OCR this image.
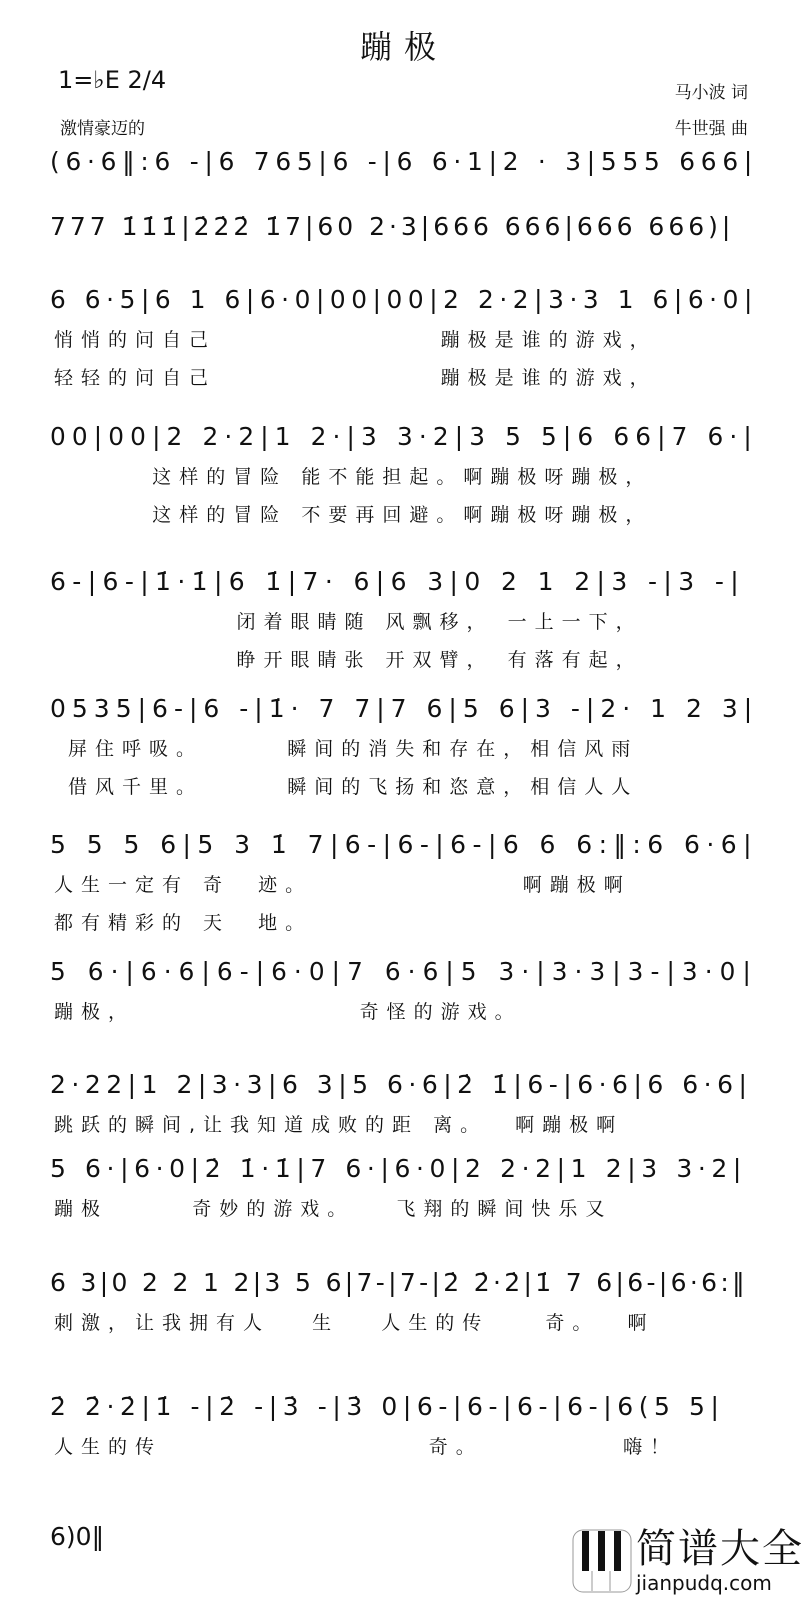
蹦极
1=♭E 2/4
激情豪迈的
马小波 词
牛世强 曲
(6·6‖:6 -|6 765|6 -|6 6·1|2 · 3|555 666|
777 1̇1̇1̇|2̇2̇2̇ 1̇7|60 2·3|666 666|666 666)|
6 6·5|6 1 6|6·0|00|00|2 2·2|3·3 1 6|6·0|
悄悄的问自己                蹦极是谁的游戏，
轻轻的问自己                蹦极是谁的游戏，
00|00|2 2·2|1 2·|3 3·2|3 5 5|6 66|7 6·|
这样的冒险 能不能担起。啊蹦极呀蹦极，
这样的冒险 不要再回避。啊蹦极呀蹦极，
6-|6-|1̇·1̇|6 1̇|7· 6|6 3|0 2 1 2|3 -|3 -|
闭着眼睛随 风飘移， 一上一下，
睁开眼睛张 开双臂， 有落有起，
0535|6-|6 -|1̇· 7 7|7 6|5 6|3 -|2· 1 2 3|
屏住呼吸。      瞬间的消失和存在，相信风雨
借风千里。      瞬间的飞扬和恣意，相信人人
5 5 5 6|5 3 1̇ 7|6-|6-|6-|6 6 6:‖:6 6·6|
人生一定有 奇  迹。               啊蹦极啊
都有精彩的 天  地。
5 6·|6·6|6-|6·0|7 6·6|5 3·|3·3|3-|3·0|
蹦极，                奇怪的游戏。
2·22|1 2|3·3|6 3|5 6·6|2̇ 1̇|6-|6·6|6 6·6|
跳跃的瞬间,让我知道成败的距 离。  啊蹦极啊
5 6·|6·0|2̇ 1̇·1̇|7 6·|6·0|2 2·2|1 2|3 3·2|
蹦极      奇妙的游戏。   飞翔的瞬间快乐又
6 3|0 2 2 1 2|3 5 6|7-|7-|2̇ 2̇·2̇|1̇ 7 6|6-|6·6:‖
刺激，让我拥有人   生   人生的传    奇。  啊
2̇ 2̇·2̇|1̇ -|2̇ -|3̇ -|3̇ 0|6-|6-|6-|6-|6(5 5|
人生的传                   奇。          嗨！
6)0‖	简谱大全
jianpudq.com
